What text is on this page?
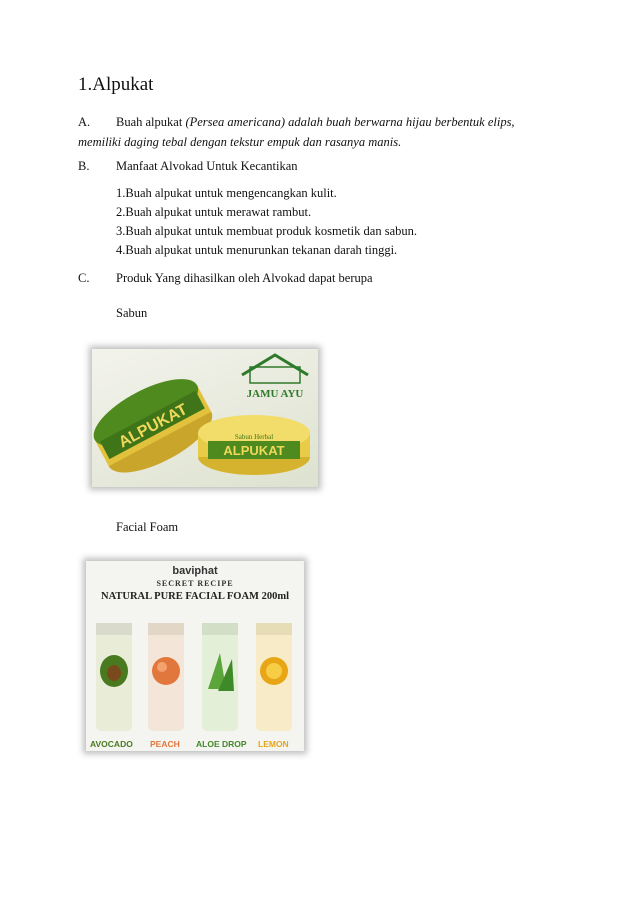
1.Alpukat
A. Buah alpukat (Persea americana) adalah buah berwarna hijau berbentuk elips, memiliki daging tebal dengan tekstur empuk dan rasanya manis.
B. Manfaat Alvokad Untuk Kecantikan
1.Buah alpukat untuk mengencangkan kulit.
2.Buah alpukat untuk merawat rambut.
3.Buah alpukat untuk membuat produk kosmetik dan sabun.
4.Buah alpukat untuk menurunkan tekanan darah tinggi.
C. Produk Yang dihasilkan oleh Alvokad dapat berupa
Sabun
JAMU AYU
ALPUKAT	ALPUKAT
Sabun Herbal
Facial Foam
baviphat
SECRET RECIPE
NATURAL PURE FACIAL FOAM 200ml
AVOCADO PEACH ALOE DROP LEMON
